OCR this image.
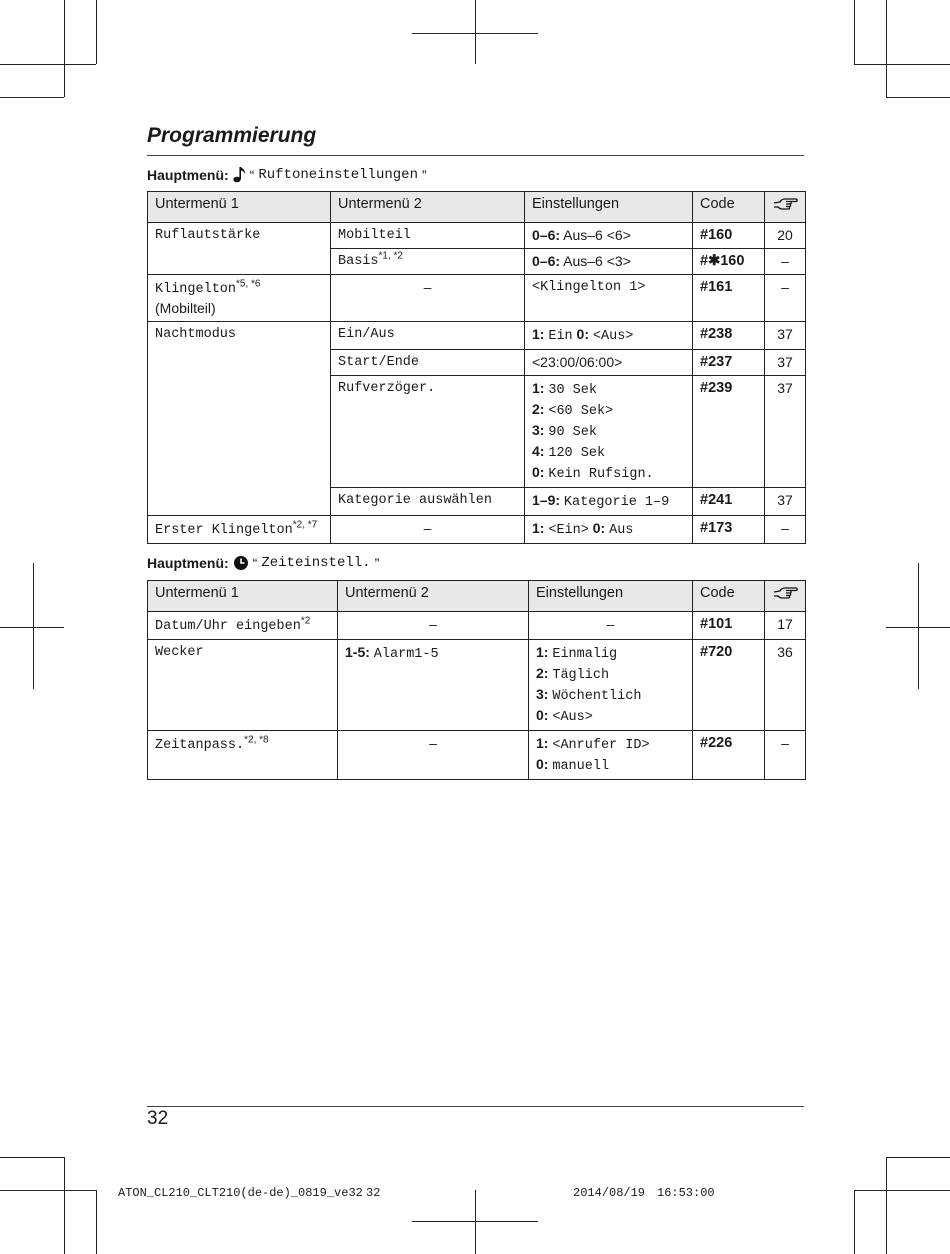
Programmierung
Hauptmenü: “ Ruftoneinstellungen ”
Untermenü 1	Untermenü 2	Einstellungen	Code	
Ruflautstärke	Mobilteil	0–6: Aus–6 <6>	#160	20
	Basis$^{*1, *2}$	0–6: Aus–6 <3>	#✱160	–
Klingelton$^{*5, *6}$
(Mobilteil)	–	<Klingelton 1>	#161	–
Nachtmodus	Ein/Aus	1: Ein 0: <Aus>	#238	37
	Start/Ende	<23:00/06:00>	#237	37
	Rufverzöger.	1: 30 Sek
2: <60 Sek>
3: 90 Sek
4: 120 Sek
0: Kein Rufsign.	#239	37
	Kategorie auswählen	1–9: Kategorie 1–9	#241	37
Erster Klingelton$^{*2, *7}$	–	1: <Ein> 0: Aus	#173	–
Hauptmenü: “ Zeiteinstell. ”
Untermenü 1	Untermenü 2	Einstellungen	Code	
Datum/Uhr eingeben$^{*2}$	–	–	#101	17
Wecker	1-5: Alarm1-5	1: Einmalig
2: Täglich
3: Wöchentlich
0: <Aus>	#720	36
Zeitanpass.$^{*2, *8}$	–	1: <Anrufer ID>
0: manuell	#226	–
32
ATON_CL210_CLT210(de-de)_0819_ve32 32	2014/08/19 16:53:00
